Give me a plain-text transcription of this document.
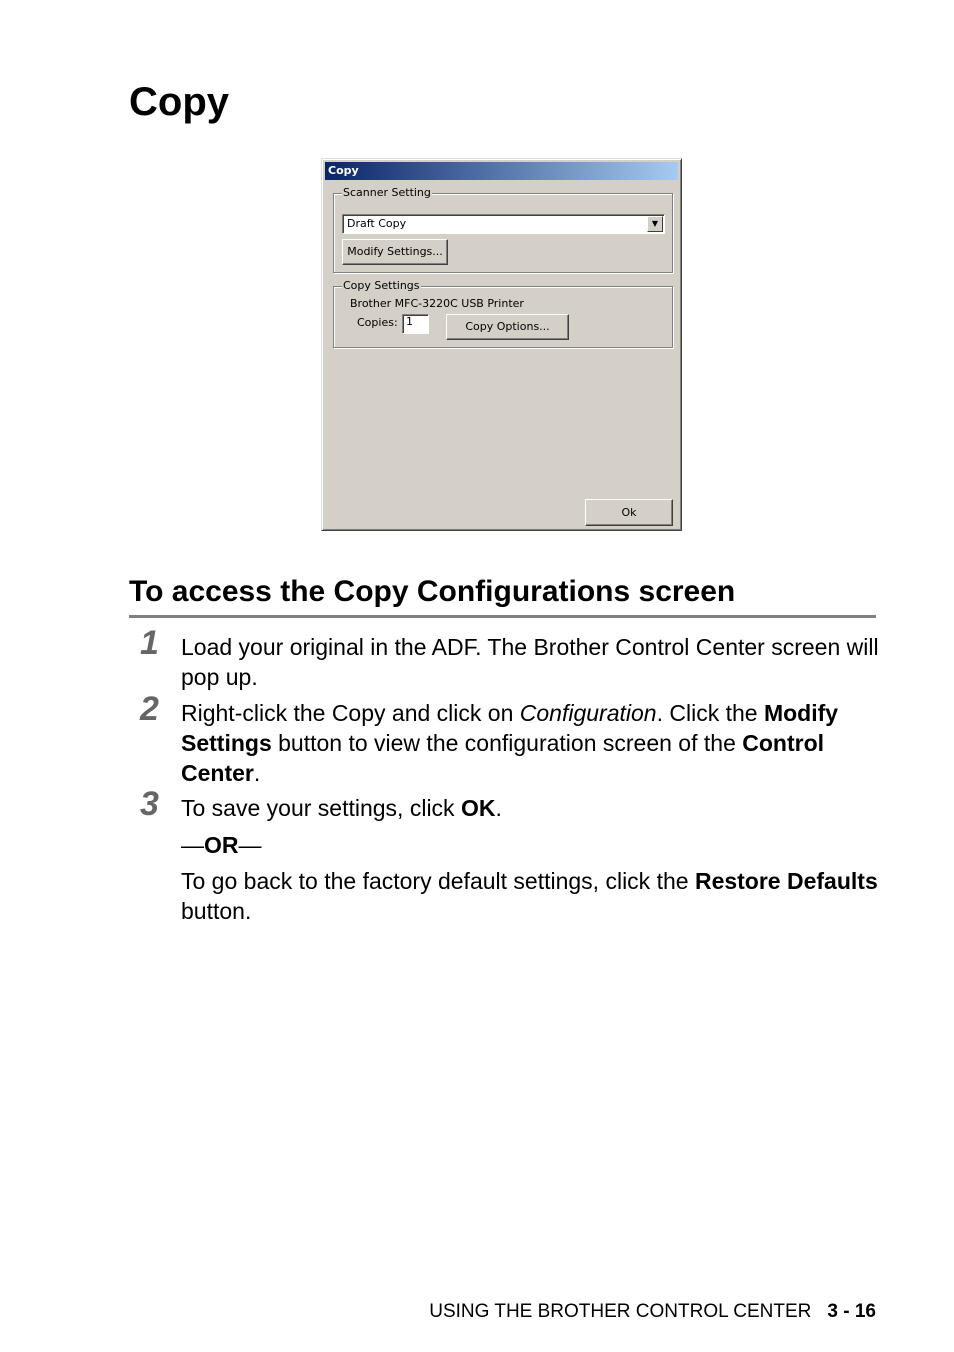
Copy
Copy
Scanner Setting
Draft Copy	▼
Modify Settings...
Copy Settings
Brother MFC-3220C USB Printer
Copies: 1	Copy Options...
Ok
To access the Copy Configurations screen
1 Load your original in the ADF. The Brother Control Center screen will pop up.
2 Right-click the Copy and click on Configuration. Click the Modify Settings button to view the configuration screen of the Control Center.
3 To save your settings, click OK.
—OR—
To go back to the factory default settings, click the Restore Defaults button.
USING THE BROTHER CONTROL CENTER 3 - 16
